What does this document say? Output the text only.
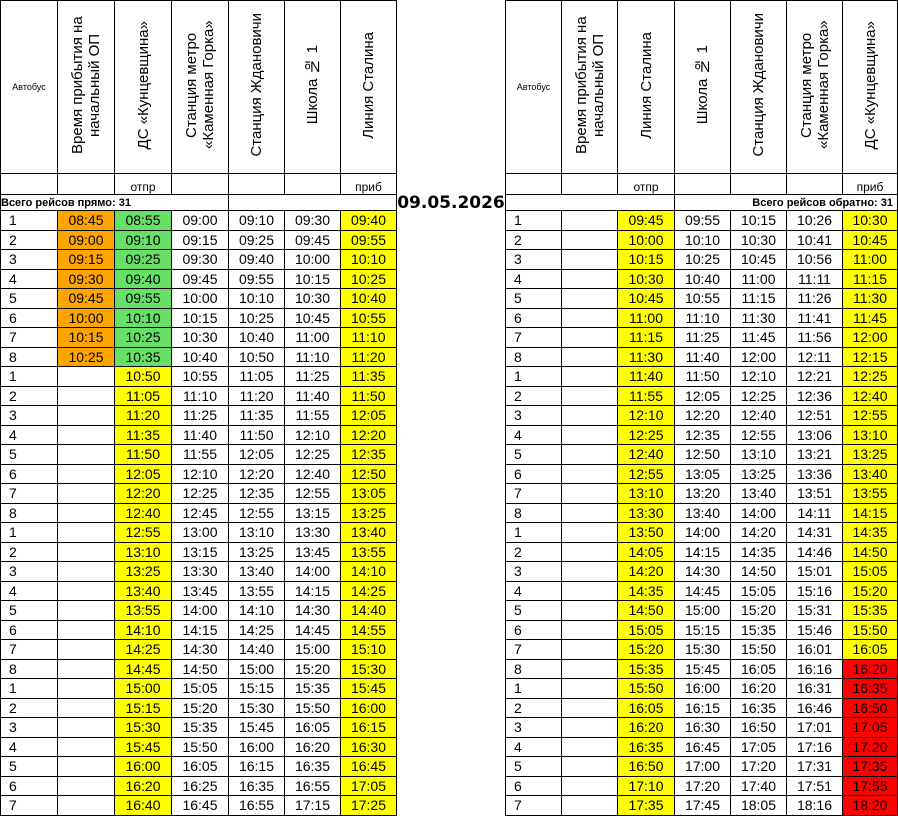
Автобус	Время прибытия на начальный ОП	ДС «Кунцевщина»	Станция метро «Каменная Горка»	Станция Ждановичи	Школа № 1	Линия Сталина
		отпр				приб
Всего рейсов прямо: 31						
1	08:45	08:55	09:00	09:10	09:30	09:40
2	09:00	09:10	09:15	09:25	09:45	09:55
3	09:15	09:25	09:30	09:40	10:00	10:10
4	09:30	09:40	09:45	09:55	10:15	10:25
5	09:45	09:55	10:00	10:10	10:30	10:40
6	10:00	10:10	10:15	10:25	10:45	10:55
7	10:15	10:25	10:30	10:40	11:00	11:10
8	10:25	10:35	10:40	10:50	11:10	11:20
1		10:50	10:55	11:05	11:25	11:35
2		11:05	11:10	11:20	11:40	11:50
3		11:20	11:25	11:35	11:55	12:05
4		11:35	11:40	11:50	12:10	12:20
5		11:50	11:55	12:05	12:25	12:35
6		12:05	12:10	12:20	12:40	12:50
7		12:20	12:25	12:35	12:55	13:05
8		12:40	12:45	12:55	13:15	13:25
1		12:55	13:00	13:10	13:30	13:40
2		13:10	13:15	13:25	13:45	13:55
3		13:25	13:30	13:40	14:00	14:10
4		13:40	13:45	13:55	14:15	14:25
5		13:55	14:00	14:10	14:30	14:40
6		14:10	14:15	14:25	14:45	14:55
7		14:25	14:30	14:40	15:00	15:10
8		14:45	14:50	15:00	15:20	15:30
1		15:00	15:05	15:15	15:35	15:45
2		15:15	15:20	15:30	15:50	16:00
3		15:30	15:35	15:45	16:05	16:15
4		15:45	15:50	16:00	16:20	16:30
5		16:00	16:05	16:15	16:35	16:45
6		16:20	16:25	16:35	16:55	17:05
7		16:40	16:45	16:55	17:15	17:25
09.05.2026
Автобус	Время прибытия на начальный ОП	Линия Сталина	Школа № 1	Станция Ждановичи	Станция метро «Каменная Горка»	ДС «Кунцевщина»
		отпр				приб
			Всего рейсов обратно: 31			
1		09:45	09:55	10:15	10:26	10:30
2		10:00	10:10	10:30	10:41	10:45
3		10:15	10:25	10:45	10:56	11:00
4		10:30	10:40	11:00	11:11	11:15
5		10:45	10:55	11:15	11:26	11:30
6		11:00	11:10	11:30	11:41	11:45
7		11:15	11:25	11:45	11:56	12:00
8		11:30	11:40	12:00	12:11	12:15
1		11:40	11:50	12:10	12:21	12:25
2		11:55	12:05	12:25	12:36	12:40
3		12:10	12:20	12:40	12:51	12:55
4		12:25	12:35	12:55	13:06	13:10
5		12:40	12:50	13:10	13:21	13:25
6		12:55	13:05	13:25	13:36	13:40
7		13:10	13:20	13:40	13:51	13:55
8		13:30	13:40	14:00	14:11	14:15
1		13:50	14:00	14:20	14:31	14:35
2		14:05	14:15	14:35	14:46	14:50
3		14:20	14:30	14:50	15:01	15:05
4		14:35	14:45	15:05	15:16	15:20
5		14:50	15:00	15:20	15:31	15:35
6		15:05	15:15	15:35	15:46	15:50
7		15:20	15:30	15:50	16:01	16:05
8		15:35	15:45	16:05	16:16	16:20
1		15:50	16:00	16:20	16:31	16:35
2		16:05	16:15	16:35	16:46	16:50
3		16:20	16:30	16:50	17:01	17:05
4		16:35	16:45	17:05	17:16	17:20
5		16:50	17:00	17:20	17:31	17:35
6		17:10	17:20	17:40	17:51	17:55
7		17:35	17:45	18:05	18:16	18:20
